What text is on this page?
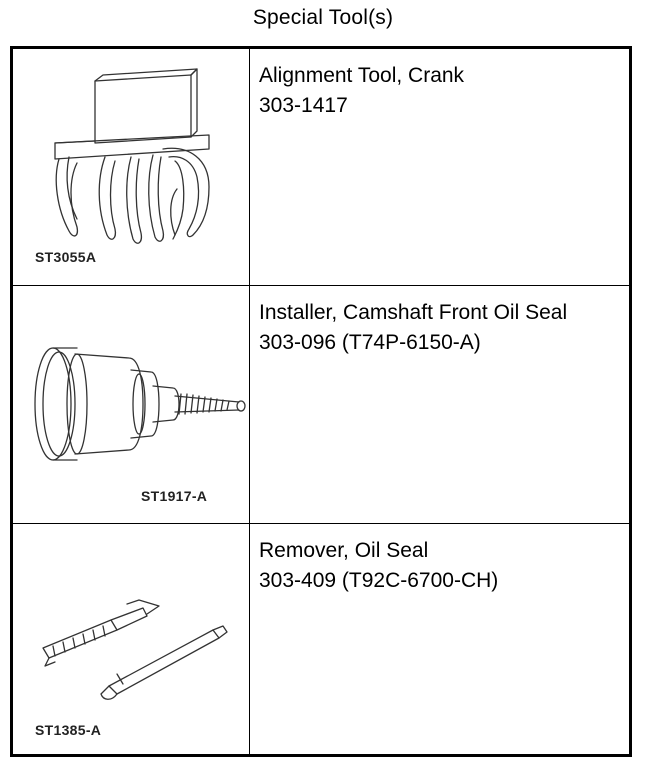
Special Tool(s)
ST3055A
Alignment Tool, Crank
303-1417
ST1917-A
Installer, Camshaft Front Oil Seal
303-096 (T74P-6150-A)
ST1385-A
Remover, Oil Seal
303-409 (T92C-6700-CH)
